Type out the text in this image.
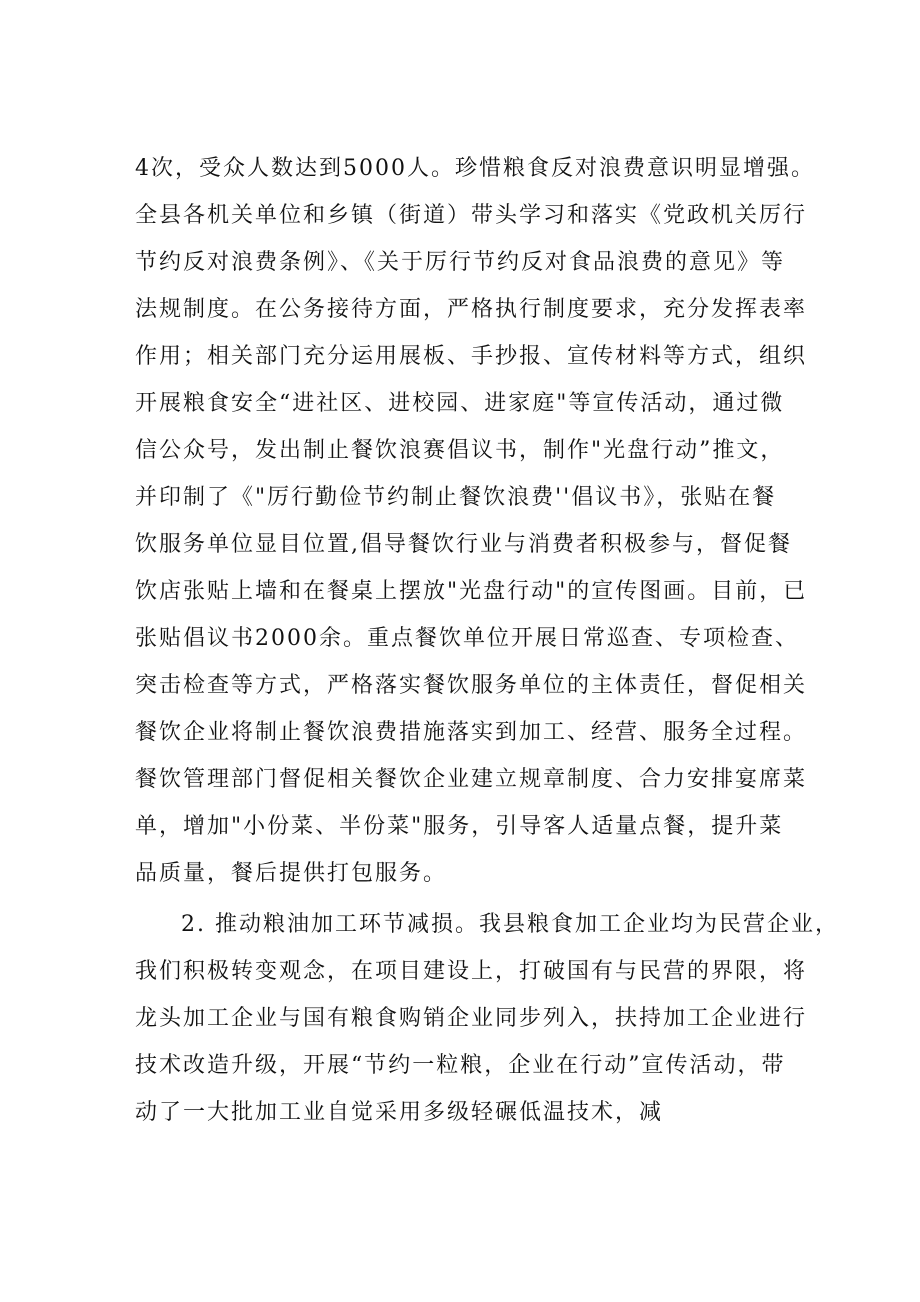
4次，受众人数达到5000人。珍惜粮食反对浪费意识明显增强。
全县各机关单位和乡镇（街道）带头学习和落实《党政机关厉行
节约反对浪费条例》、《关于厉行节约反对食品浪费的意见》等
法规制度。在公务接待方面，严格执行制度要求，充分发挥表率
作用；相关部门充分运用展板、手抄报、宣传材料等方式，组织
开展粮食安全“进社区、进校园、进家庭"等宣传活动，通过微
信公众号，发出制止餐饮浪赛倡议书，制作"光盘行动”推文，
并印制了《"厉行勤俭节约制止餐饮浪费''倡议书》，张贴在餐
饮服务单位显目位置,倡导餐饮行业与消费者积极参与，督促餐
饮店张贴上墙和在餐桌上摆放"光盘行动"的宣传图画。目前，已
张贴倡议书2000余。重点餐饮单位开展日常巡查、专项检查、
突击检查等方式，严格落实餐饮服务单位的主体责任，督促相关
餐饮企业将制止餐饮浪费措施落实到加工、经营、服务全过程。
餐饮管理部门督促相关餐饮企业建立规章制度、合力安排宴席菜
单，增加"小份菜、半份菜"服务，引导客人适量点餐，提升菜
品质量，餐后提供打包服务。
2. 推动粮油加工环节减损。我县粮食加工企业均为民营企业，
我们积极转变观念，在项目建设上，打破国有与民营的界限，将
龙头加工企业与国有粮食购销企业同步列入，扶持加工企业进行
技术改造升级，开展“节约一粒粮，企业在行动”宣传活动，带
动了一大批加工业自觉采用多级轻碾低温技术，减
